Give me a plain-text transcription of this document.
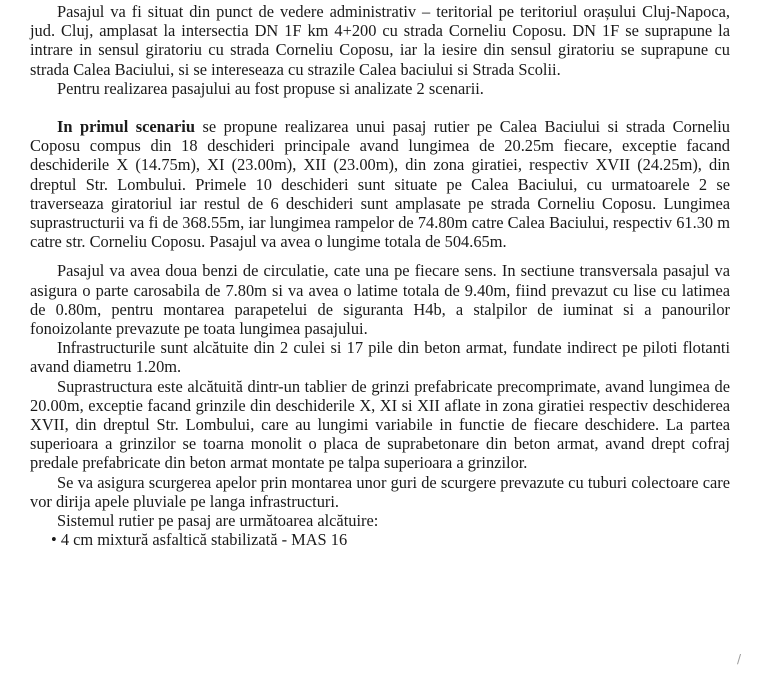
Pasajul va fi situat din punct de vedere administrativ – teritorial pe teritoriul orașului Cluj-Napoca, jud. Cluj, amplasat la intersectia DN 1F km 4+200 cu strada Corneliu Coposu. DN 1F se suprapune la intrare in sensul giratoriu cu strada Corneliu Coposu, iar la iesire din sensul giratoriu se suprapune cu strada Calea Baciului, si se intereseaza cu strazile Calea baciului si Strada Scolii.

Pentru realizarea pasajului au fost propuse si analizate 2 scenarii.

In primul scenariu se propune realizarea unui pasaj rutier pe Calea Baciului si strada Corneliu Coposu compus din 18 deschideri principale avand lungimea de 20.25m fiecare, exceptie facand deschiderile X (14.75m), XI (23.00m), XII (23.00m), din zona giratiei, respectiv XVII (24.25m), din dreptul Str. Lombului. Primele 10 deschideri sunt situate pe Calea Baciului, cu urmatoarele 2 se traverseaza giratoriul iar restul de 6 deschideri sunt amplasate pe strada Corneliu Coposu. Lungimea suprastructurii va fi de 368.55m, iar lungimea rampelor de 74.80m catre Calea Baciului, respectiv 61.30 m catre str. Corneliu Coposu. Pasajul va avea o lungime totala de 504.65m.

Pasajul va avea doua benzi de circulatie, cate una pe fiecare sens. In sectiune transversala pasajul va asigura o parte carosabila de 7.80m si va avea o latime totala de 9.40m, fiind prevazut cu lise cu latimea de 0.80m, pentru montarea parapetelui de siguranta H4b, a stalpilor de iuminat si a panourilor fonoizolante prevazute pe toata lungimea pasajului.

Infrastructurile sunt alcătuite din 2 culei si 17 pile din beton armat, fundate indirect pe piloti flotanti avand diametru 1.20m.

Suprastructura este alcătuită dintr-un tablier de grinzi prefabricate precomprimate, avand lungimea de 20.00m, exceptie facand grinzile din deschiderile X, XI si XII aflate in zona giratiei respectiv deschiderea XVII, din dreptul Str. Lombului, care au lungimi variabile in functie de fiecare deschidere. La partea superioara a grinzilor se toarna monolit o placa de suprabetonare din beton armat, avand drept cofraj predale prefabricate din beton armat montate pe talpa superioara a grinzilor.

Se va asigura scurgerea apelor prin montarea unor guri de scurgere prevazute cu tuburi colectoare care vor dirija apele pluviale pe langa infrastructuri.

Sistemul rutier pe pasaj are următoarea alcătuire:

• 4 cm mixtură asfaltică stabilizată - MAS 16

/
